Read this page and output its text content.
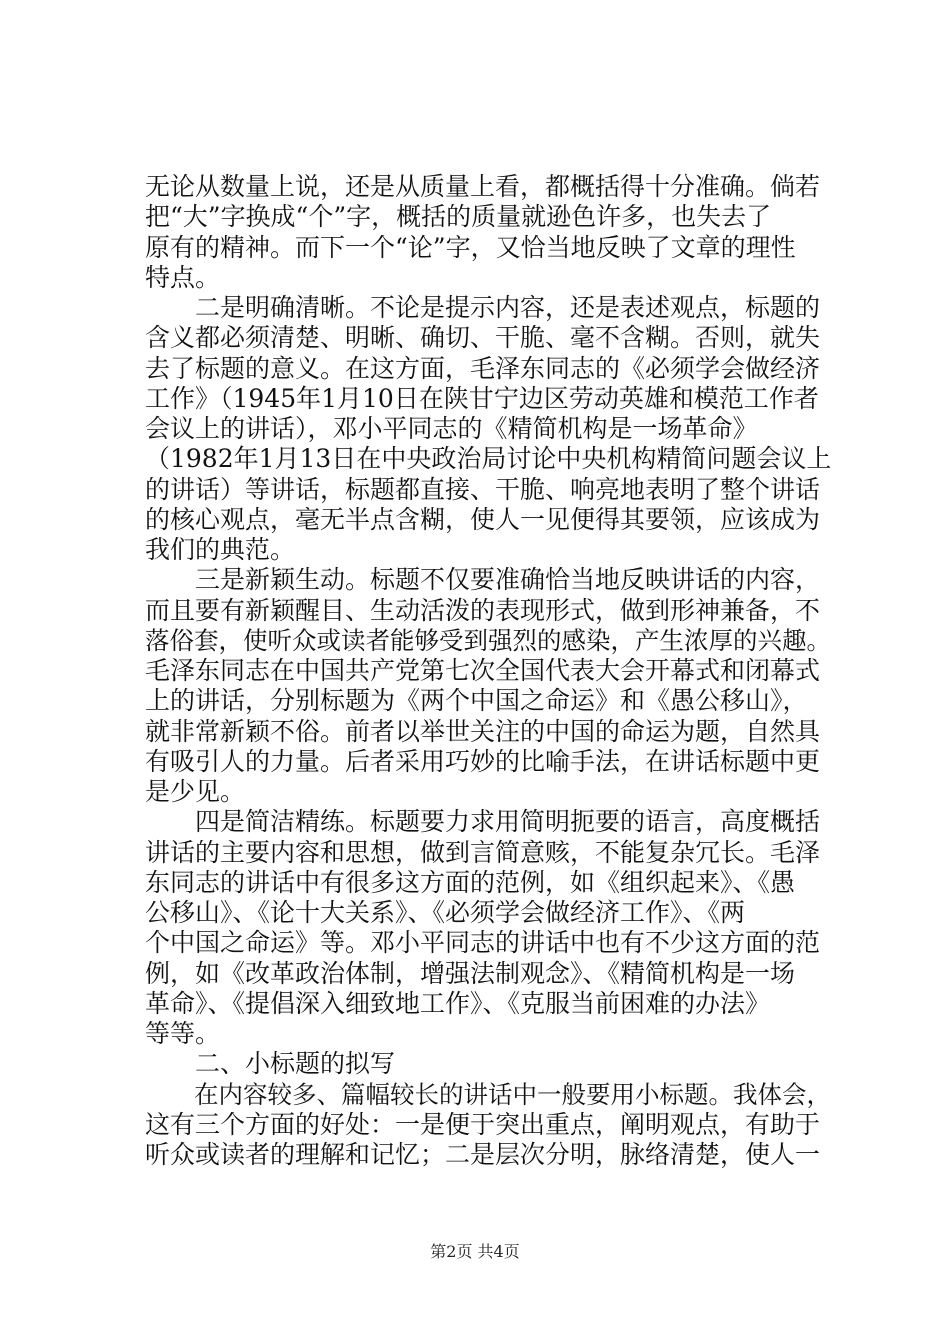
无论从数量上说，还是从质量上看，都概括得十分准确。倘若
把“大”字换成“个”字，概括的质量就逊色许多，也失去了
原有的精神。而下一个“论”字，又恰当地反映了文章的理性
特点。
　　二是明确清晰。不论是提示内容，还是表述观点，标题的
含义都必须清楚、明晰、确切、干脆、毫不含糊。否则，就失
去了标题的意义。在这方面，毛泽东同志的《必须学会做经济
工作》（1945年1月10日在陕甘宁边区劳动英雄和模范工作者
会议上的讲话），邓小平同志的《精简机构是一场革命》
（1982年1月13日在中央政治局讨论中央机构精简问题会议上
的讲话）等讲话，标题都直接、干脆、响亮地表明了整个讲话
的核心观点，毫无半点含糊，使人一见便得其要领，应该成为
我们的典范。
　　三是新颖生动。标题不仅要准确恰当地反映讲话的内容，
而且要有新颖醒目、生动活泼的表现形式，做到形神兼备，不
落俗套，使听众或读者能够受到强烈的感染，产生浓厚的兴趣。
毛泽东同志在中国共产党第七次全国代表大会开幕式和闭幕式
上的讲话，分别标题为《两个中国之命运》和《愚公移山》，
就非常新颖不俗。前者以举世关注的中国的命运为题，自然具
有吸引人的力量。后者采用巧妙的比喻手法，在讲话标题中更
是少见。
　　四是简洁精练。标题要力求用简明扼要的语言，高度概括
讲话的主要内容和思想，做到言简意赅，不能复杂冗长。毛泽
东同志的讲话中有很多这方面的范例，如《组织起来》、《愚
公移山》、《论十大关系》、《必须学会做经济工作》、《两
个中国之命运》等。邓小平同志的讲话中也有不少这方面的范
例，如《改革政治体制，增强法制观念》、《精简机构是一场
革命》、《提倡深入细致地工作》、《克服当前困难的办法》
等等。
　　二、小标题的拟写
　　在内容较多、篇幅较长的讲话中一般要用小标题。我体会，
这有三个方面的好处：一是便于突出重点，阐明观点，有助于
听众或读者的理解和记忆；二是层次分明，脉络清楚，使人一
第2页 共4页
